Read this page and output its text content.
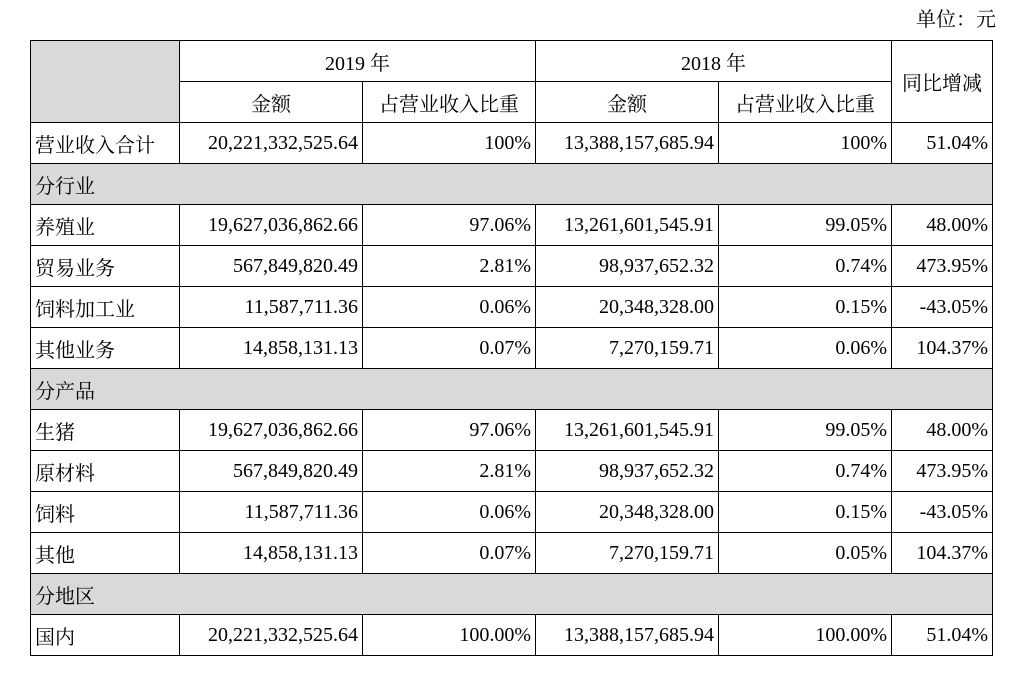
单位：元
	2019 年		2018 年		同比增减
	金额	占营业收入比重	金额	占营业收入比重	
营业收入合计	20,221,332,525.64	100%	13,388,157,685.94	100%	51.04%
分行业					
养殖业	19,627,036,862.66	97.06%	13,261,601,545.91	99.05%	48.00%
贸易业务	567,849,820.49	2.81%	98,937,652.32	0.74%	473.95%
饲料加工业	11,587,711.36	0.06%	20,348,328.00	0.15%	-43.05%
其他业务	14,858,131.13	0.07%	7,270,159.71	0.06%	104.37%
分产品					
生猪	19,627,036,862.66	97.06%	13,261,601,545.91	99.05%	48.00%
原材料	567,849,820.49	2.81%	98,937,652.32	0.74%	473.95%
饲料	11,587,711.36	0.06%	20,348,328.00	0.15%	-43.05%
其他	14,858,131.13	0.07%	7,270,159.71	0.05%	104.37%
分地区					
国内	20,221,332,525.64	100.00%	13,388,157,685.94	100.00%	51.04%
